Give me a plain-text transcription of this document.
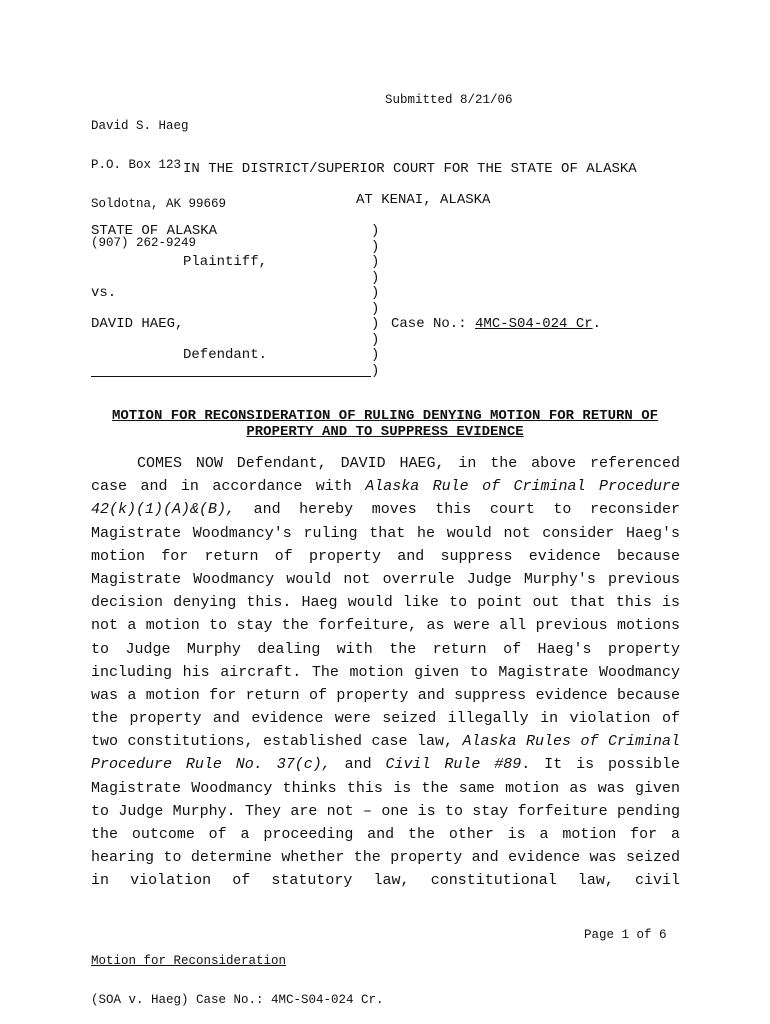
David S. Haeg

P.O. Box 123

Soldotna, AK 99669

(907) 262-9249

Submitted 8/21/06
IN THE DISTRICT/SUPERIOR COURT FOR THE STATE OF ALASKA
AT KENAI, ALASKA
STATE OF ALASKA
Plaintiff,
vs.
DAVID HAEG,
Defendant.
)
)
)
)
)
)
)
)
)
)
Case No.: 4MC-S04-024 Cr.
MOTION FOR RECONSIDERATION OF RULING DENYING MOTION FOR RETURN OF
PROPERTY AND TO SUPPRESS EVIDENCE
COMES NOW Defendant, DAVID HAEG, in the above referenced
case and in accordance with Alaska Rule of Criminal Procedure
42(k)(1)(A)&(B), and hereby moves this court to reconsider
Magistrate Woodmancy's ruling that he would not consider Haeg's
motion for return of property and suppress evidence because
Magistrate Woodmancy would not overrule Judge Murphy's previous
decision denying this. Haeg would like to point out that this is
not a motion to stay the forfeiture, as were all previous motions
to Judge Murphy dealing with the return of Haeg's property
including his aircraft. The motion given to Magistrate Woodmancy
was a motion for return of property and suppress evidence because
the property and evidence were seized illegally in violation of
two constitutions, established case law, Alaska Rules of Criminal
Procedure Rule No. 37(c), and Civil Rule #89. It is possible
Magistrate Woodmancy thinks this is the same motion as was given
to Judge Murphy. They are not – one is to stay forfeiture pending
the outcome of a proceeding and the other is a motion for a
hearing to determine whether the property and evidence was seized
in violation of statutory law, constitutional law, civil

Motion for Reconsideration

(SOA v. Haeg) Case No.: 4MC-S04-024 Cr.

Page 1 of 6
